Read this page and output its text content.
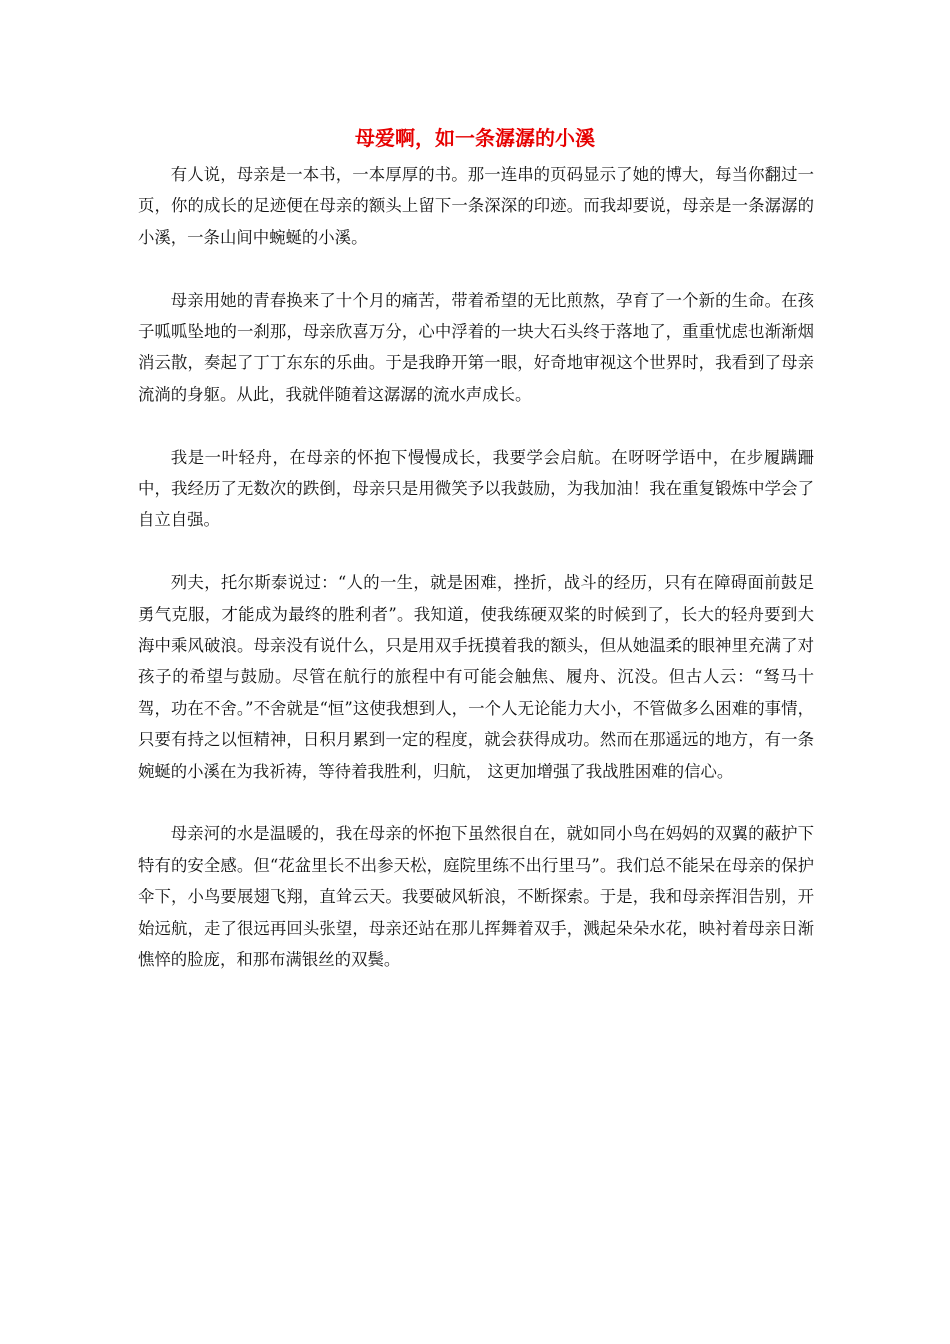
母爱啊，如一条潺潺的小溪

有人说，母亲是一本书，一本厚厚的书。那一连串的页码显示了她的博大，每当你翻过一页，你的成长的足迹便在母亲的额头上留下一条深深的印迹。而我却要说，母亲是一条潺潺的小溪，一条山间中蜿蜒的小溪。

母亲用她的青春换来了十个月的痛苦，带着希望的无比煎熬，孕育了一个新的生命。在孩子呱呱坠地的一刹那，母亲欣喜万分，心中浮着的一块大石头终于落地了，重重忧虑也渐渐烟消云散，奏起了丁丁东东的乐曲。于是我睁开第一眼，好奇地审视这个世界时，我看到了母亲流淌的身躯。从此，我就伴随着这潺潺的流水声成长。

我是一叶轻舟，在母亲的怀抱下慢慢成长，我要学会启航。在呀呀学语中，在步履蹒跚中，我经历了无数次的跌倒，母亲只是用微笑予以我鼓励，为我加油！我在重复锻炼中学会了自立自强。

列夫，托尔斯泰说过：“人的一生，就是困难，挫折，战斗的经历，只有在障碍面前鼓足勇气克服，才能成为最终的胜利者”。我知道，使我练硬双桨的时候到了，长大的轻舟要到大海中乘风破浪。母亲没有说什么，只是用双手抚摸着我的额头，但从她温柔的眼神里充满了对孩子的希望与鼓励。尽管在航行的旅程中有可能会触焦、履舟、沉没。但古人云：“驽马十驾，功在不舍。”不舍就是“恒”这使我想到人，一个人无论能力大小，不管做多么困难的事情，只要有持之以恒精神，日积月累到一定的程度，就会获得成功。然而在那遥远的地方，有一条婉蜒的小溪在为我祈祷，等待着我胜利，归航， 这更加增强了我战胜困难的信心。

母亲河的水是温暖的，我在母亲的怀抱下虽然很自在，就如同小鸟在妈妈的双翼的蔽护下特有的安全感。但“花盆里长不出参天松，庭院里练不出行里马”。我们总不能呆在母亲的保护伞下，小鸟要展翅飞翔，直耸云天。我要破风斩浪，不断探索。于是，我和母亲挥泪告别，开始远航，走了很远再回头张望，母亲还站在那儿挥舞着双手，溅起朵朵水花，映衬着母亲日渐憔悴的脸庞，和那布满银丝的双鬓。
